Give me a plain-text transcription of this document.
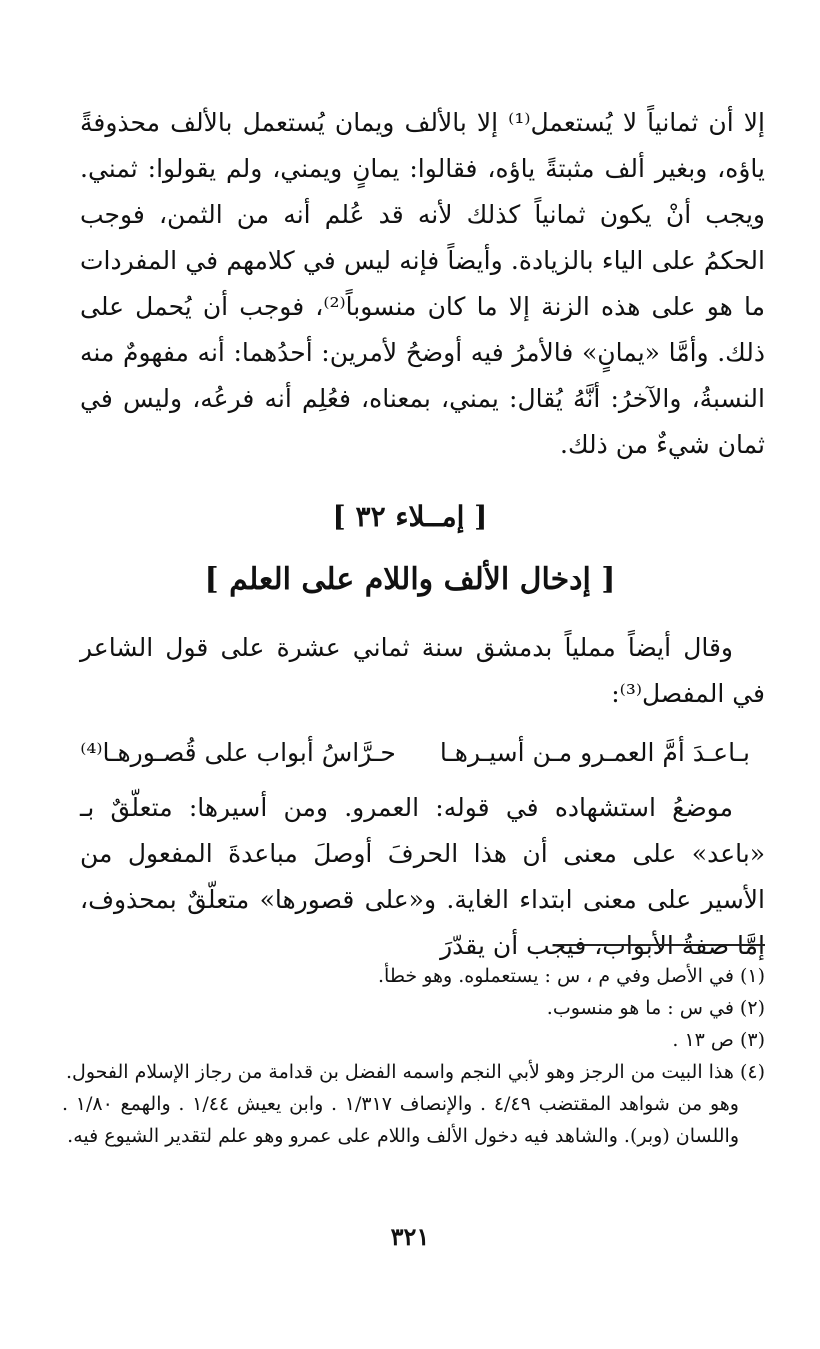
إلا أن ثمانياً لا يُستعمل⁽¹⁾ إلا بالألف ويمان يُستعمل بالألف محذوفةً ياؤه، وبغير ألف مثبتةً ياؤه، فقالوا: يمانٍ ويمني، ولم يقولوا: ثمني. ويجب أنْ يكون ثمانياً كذلك لأنه قد عُلم أنه من الثمن، فوجب الحكمُ على الياء بالزيادة. وأيضاً فإنه ليس في كلامهم في المفردات ما هو على هذه الزنة إلا ما كان منسوباً⁽²⁾، فوجب أن يُحمل على ذلك. وأمَّا «يمانٍ» فالأمرُ فيه أوضحُ لأمرين: أحدُهما: أنه مفهومٌ منه النسبةُ، والآخرُ: أنَّهُ يُقال: يمني، بمعناه، فعُلِم أنه فرعُه، وليس في ثمان شيءٌ من ذلك.

[ إمــلاء ٣٢ ]
[ إدخال الألف واللام على العلم ]

وقال أيضاً مملياً بدمشق سنة ثماني عشرة على قول الشاعر في المفصل⁽³⁾:

بـاعـدَ أمَّ العمـرو مـن أسيـرهـا
حـرَّاسُ أبواب على قُصـورهـا⁽⁴⁾

موضعُ استشهاده في قوله: العمرو. ومن أسيرها: متعلّقٌ بـ «باعد» على معنى أن هذا الحرفَ أوصلَ مباعدةَ المفعول من الأسير على معنى ابتداء الغاية. و«على قصورها» متعلّقٌ بمحذوف، إمَّا صفةُ الأبواب، فيجب أن يقدّرَ

(١) في الأصل وفي م ، س : يستعملوه. وهو خطأ.

(٢) في س : ما هو منسوب.

(٣) ص ١٣ .

(٤) هذا البيت من الرجز وهو لأبي النجم واسمه الفضل بن قدامة من رجاز الإسلام الفحول.

وهو من شواهد المقتضب ٤/٤٩ . والإنصاف ١/٣١٧ . وابن يعيش ١/٤٤ . والهمع ١/٨٠ . واللسان (وبر). والشاهد فيه دخول الألف واللام على عمرو وهو علم لتقدير الشيوع فيه.

٣٢١
